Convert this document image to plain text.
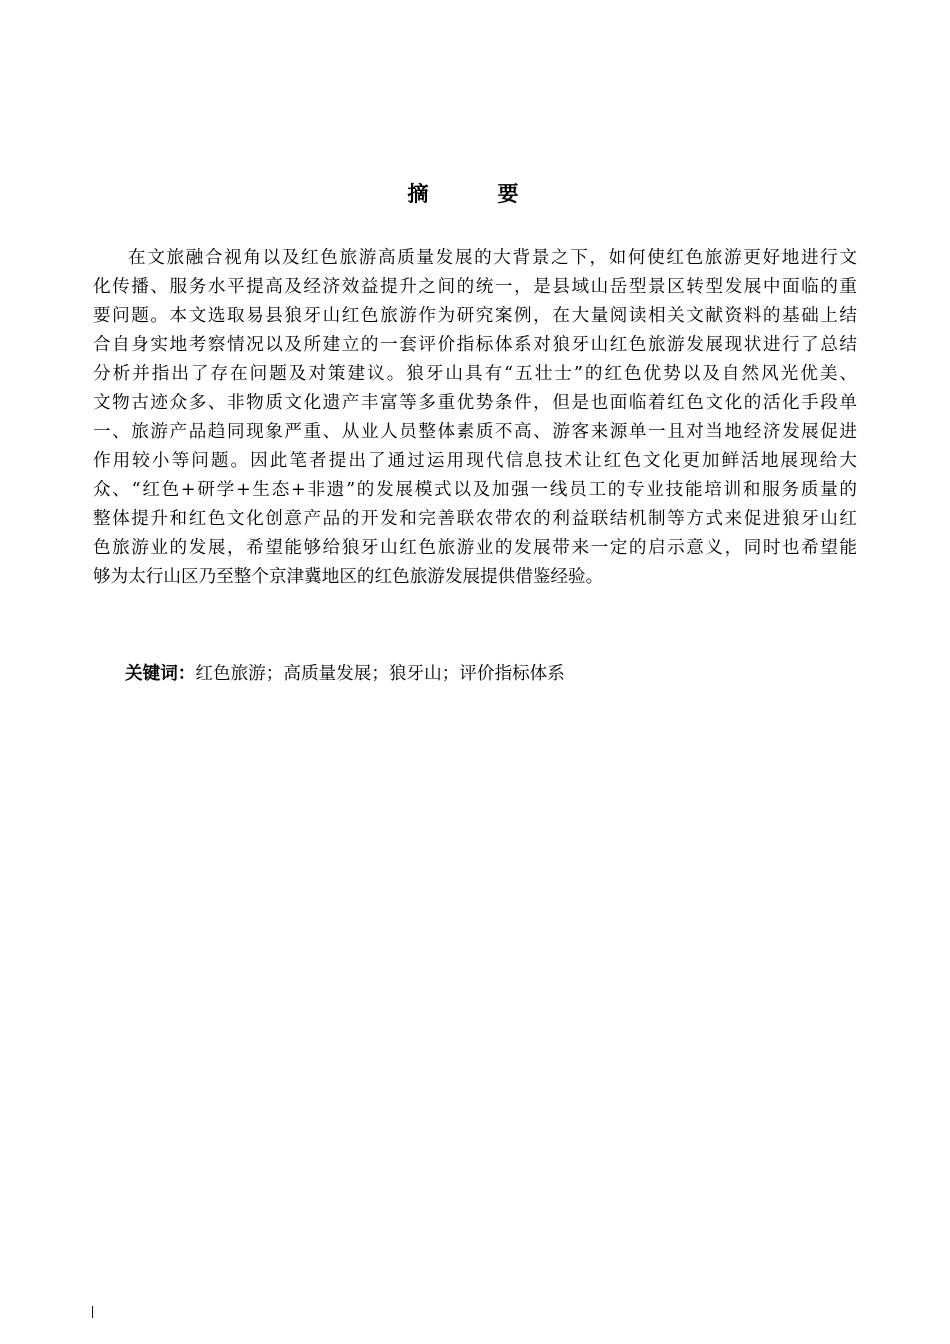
摘　要
在文旅融合视角以及红色旅游高质量发展的大背景之下，如何使红色旅游更好地进行文
化传播、服务水平提高及经济效益提升之间的统一，是县域山岳型景区转型发展中面临的重
要问题。本文选取易县狼牙山红色旅游作为研究案例，在大量阅读相关文献资料的基础上结
合自身实地考察情况以及所建立的一套评价指标体系对狼牙山红色旅游发展现状进行了总结
分析并指出了存在问题及对策建议。狼牙山具有“五壮士”的红色优势以及自然风光优美、
文物古迹众多、非物质文化遗产丰富等多重优势条件，但是也面临着红色文化的活化手段单
一、旅游产品趋同现象严重、从业人员整体素质不高、游客来源单一且对当地经济发展促进
作用较小等问题。因此笔者提出了通过运用现代信息技术让红色文化更加鲜活地展现给大
众、“红色+研学+生态+非遗”的发展模式以及加强一线员工的专业技能培训和服务质量的
整体提升和红色文化创意产品的开发和完善联农带农的利益联结机制等方式来促进狼牙山红
色旅游业的发展，希望能够给狼牙山红色旅游业的发展带来一定的启示意义，同时也希望能
够为太行山区乃至整个京津冀地区的红色旅游发展提供借鉴经验。
关键词：红色旅游；高质量发展；狼牙山；评价指标体系
